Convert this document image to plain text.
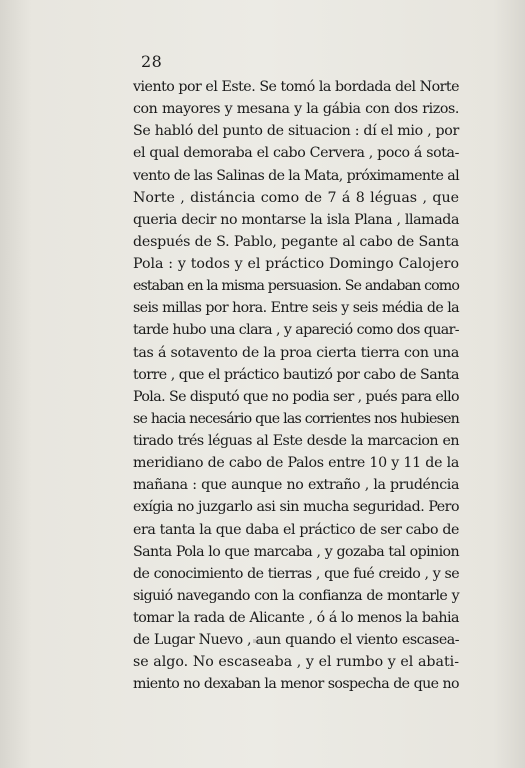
28
viento por el Este. Se tomó la bordada del Norte
con mayores y mesana y la gábia con dos rizos.
Se habló del punto de situacion : dí el mio , por
el qual demoraba el cabo Cervera , poco á sota-
vento de las Salinas de la Mata, próximamente al
Norte , distáncia como de 7 á 8 léguas , que
queria decir no montarse la isla Plana , llamada
después de S. Pablo, pegante al cabo de Santa
Pola : y todos y el práctico Domingo Calojero
estaban en la misma persuasion. Se andaban como
seis millas por hora. Entre seis y seis média de la
tarde hubo una clara , y apareció como dos quar-
tas á sotavento de la proa cierta tierra con una
torre , que el práctico bautizó por cabo de Santa
Pola. Se disputó que no podia ser , pués para ello
se hacia necesário que las corrientes nos hubiesen
tirado trés léguas al Este desde la marcacion en
meridiano de cabo de Palos entre 10 y 11 de la
mañana : que aunque no extraño , la prudéncia
exígia no juzgarlo asi sin mucha seguridad. Pero
era tanta la que daba el práctico de ser cabo de
Santa Pola lo que marcaba , y gozaba tal opinion
de conocimiento de tierras , que fué creido , y se
siguió navegando con la confianza de montarle y
tomar la rada de Alicante , ó á lo menos la bahia
de Lugar Nuevo , aun quando el viento escasea-
se algo. No escaseaba , y el rumbo y el abati-
miento no dexaban la menor sospecha de que no
